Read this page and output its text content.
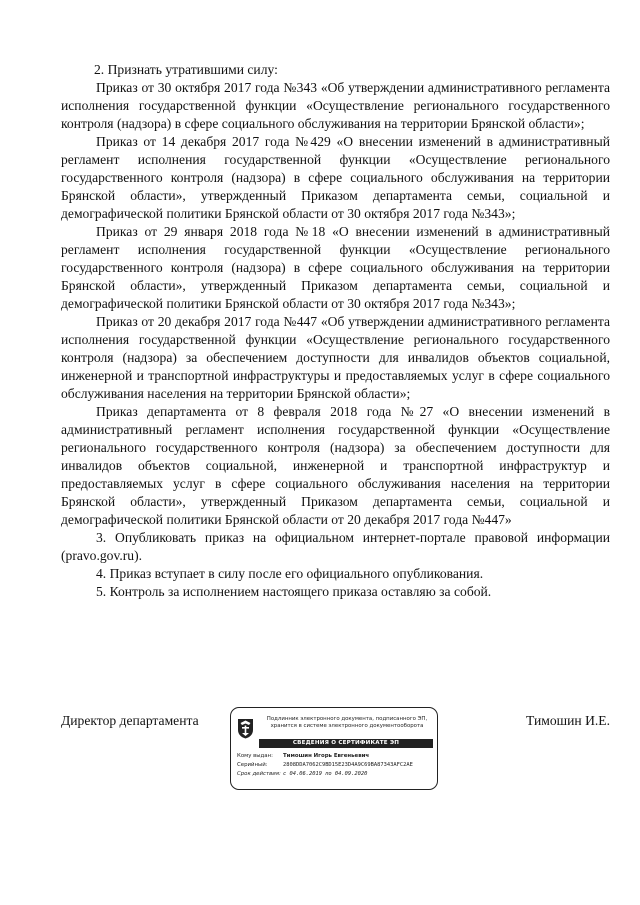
2. Признать утратившими силу:

Приказ от 30 октября 2017 года №343 «Об утверждении административного регламента исполнения государственной функции «Осуществление регионального государственного контроля (надзора) в сфере социального обслуживания на территории Брянской области»;

Приказ от 14 декабря 2017 года №429 «О внесении изменений в административный регламент исполнения государственной функции «Осуществление регионального государственного контроля (надзора) в сфере социального обслуживания на территории Брянской области», утвержденный Приказом департамента семьи, социальной и демографической политики Брянской области от 30 октября 2017 года №343»;

Приказ от 29 января 2018 года №18 «О внесении изменений в административный регламент исполнения государственной функции «Осуществление регионального государственного контроля (надзора) в сфере социального обслуживания на территории Брянской области», утвержденный Приказом департамента семьи, социальной и демографической политики Брянской области от 30 октября 2017 года №343»;

Приказ от 20 декабря 2017 года №447 «Об утверждении административного регламента исполнения государственной функции «Осуществление регионального государственного контроля (надзора) за обеспечением доступности для инвалидов объектов социальной, инженерной и транспортной инфраструктуры и предоставляемых услуг в сфере социального обслуживания населения на территории Брянской области»;

Приказ департамента от 8 февраля 2018 года №27 «О внесении изменений в административный регламент исполнения государственной функции «Осуществление регионального государственного контроля (надзора) за обеспечением доступности для инвалидов объектов социальной, инженерной и транспортной инфраструктур и предоставляемых услуг в сфере социального обслуживания населения на территории Брянской области», утвержденный Приказом департамента семьи, социальной и демографической политики Брянской области от 20 декабря 2017 года №447»

3. Опубликовать приказ на официальном интернет-портале правовой информации (pravo.gov.ru).

4. Приказ вступает в силу после его официального опубликования.

5. Контроль за исполнением настоящего приказа оставляю за собой.

Директор департамента	Тимошин И.Е.
Подлинник электронного документа, подписанного ЭП, хранится в системе электронного документооборота
СВЕДЕНИЯ О СЕРТИФИКАТЕ ЭП
Кому выдан:	Тимошин Игорь Евгеньевич
Серийный:	2808DDA7062C9BD15E23D4A9C69BA87343AFC2AE
Срок действия: с 04.06.2019 по 04.09.2020
